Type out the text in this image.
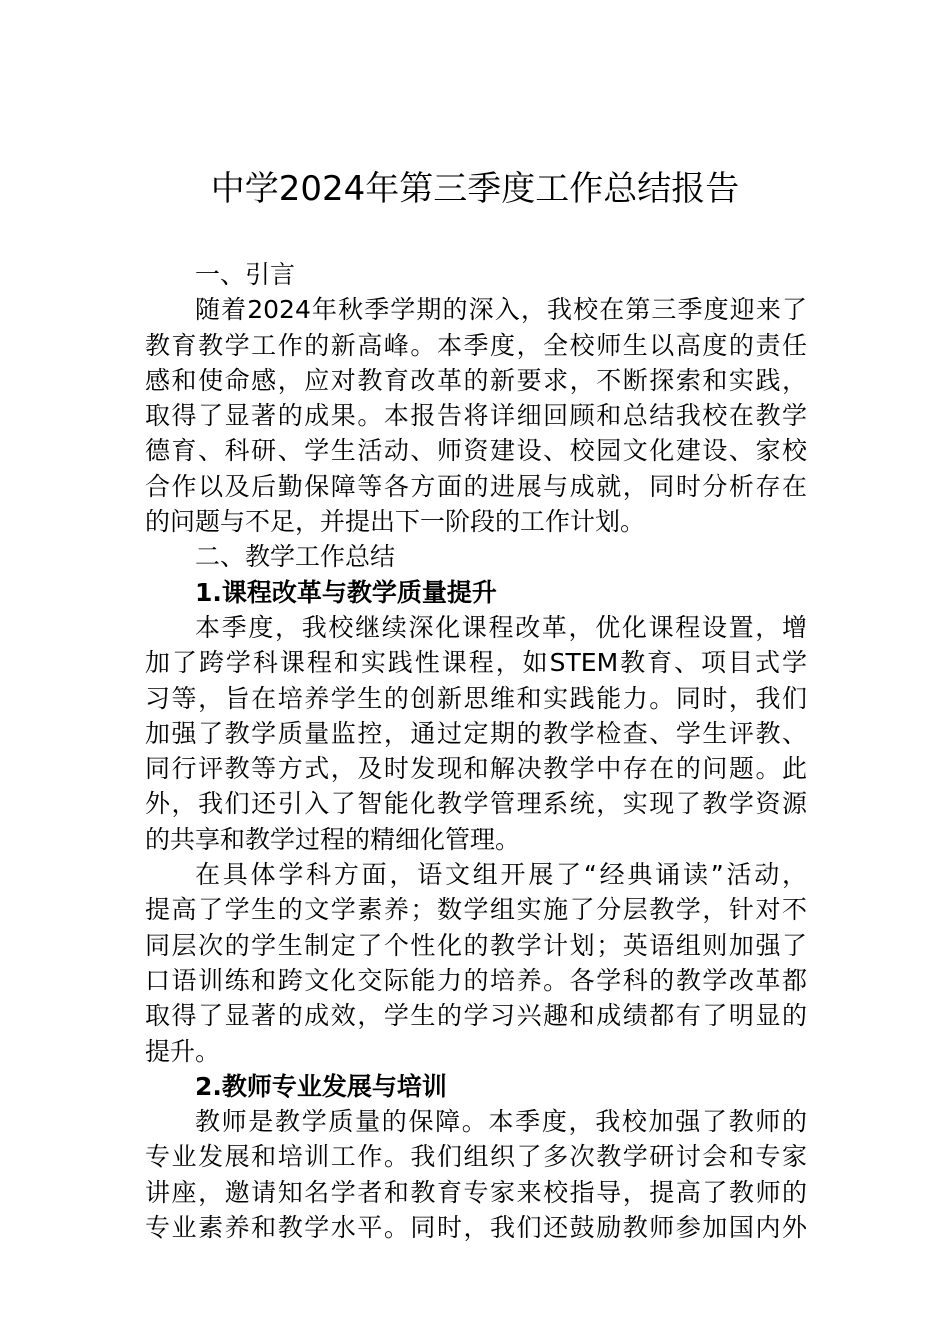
中学2024年第三季度工作总结报告
一、引言
随着2024年秋季学期的深入，我校在第三季度迎来了
教育教学工作的新高峰。本季度，全校师生以高度的责任
感和使命感，应对教育改革的新要求，不断探索和实践，
取得了显著的成果。本报告将详细回顾和总结我校在教学
德育、科研、学生活动、师资建设、校园文化建设、家校
合作以及后勤保障等各方面的进展与成就，同时分析存在
的问题与不足，并提出下一阶段的工作计划。
二、教学工作总结
1.课程改革与教学质量提升
本季度，我校继续深化课程改革，优化课程设置，增
加了跨学科课程和实践性课程，如STEM教育、项目式学
习等，旨在培养学生的创新思维和实践能力。同时，我们
加强了教学质量监控，通过定期的教学检查、学生评教、
同行评教等方式，及时发现和解决教学中存在的问题。此
外，我们还引入了智能化教学管理系统，实现了教学资源
的共享和教学过程的精细化管理。
在具体学科方面，语文组开展了“经典诵读”活动，
提高了学生的文学素养；数学组实施了分层教学，针对不
同层次的学生制定了个性化的教学计划；英语组则加强了
口语训练和跨文化交际能力的培养。各学科的教学改革都
取得了显著的成效，学生的学习兴趣和成绩都有了明显的
提升。
2.教师专业发展与培训
教师是教学质量的保障。本季度，我校加强了教师的
专业发展和培训工作。我们组织了多次教学研讨会和专家
讲座，邀请知名学者和教育专家来校指导，提高了教师的
专业素养和教学水平。同时，我们还鼓励教师参加国内外
